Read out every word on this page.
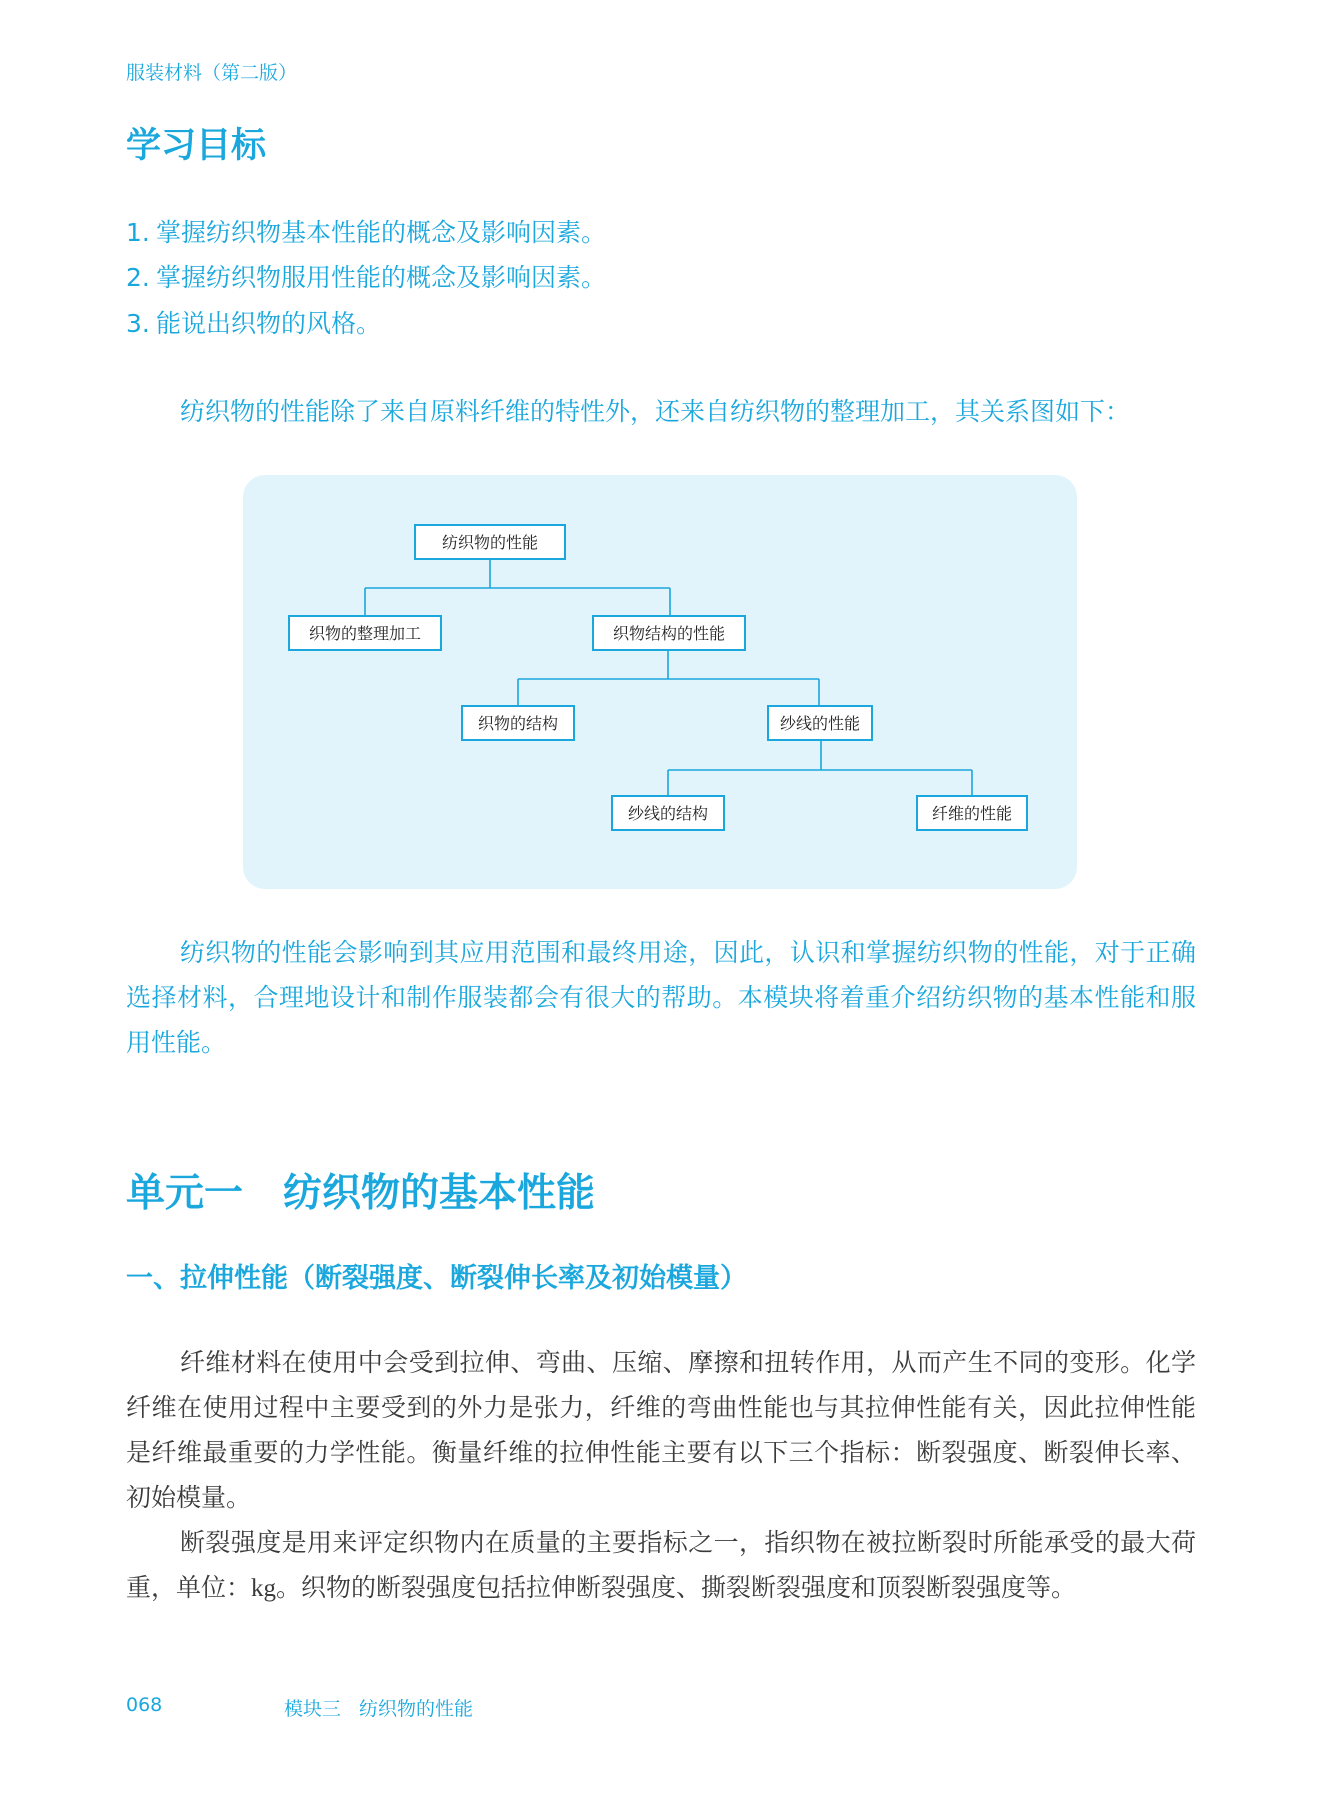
服装材料（第二版）
学习目标
1. 掌握纺织物基本性能的概念及影响因素。
2. 掌握纺织物服用性能的概念及影响因素。
3. 能说出织物的风格。
纺织物的性能除了来自原料纤维的特性外，还来自纺织物的整理加工，其关系图如下：
纺织物的性能
织物的整理加工	织物结构的性能
织物的结构	纱线的性能
纱线的结构	纤维的性能
纺织物的性能会影响到其应用范围和最终用途，因此，认识和掌握纺织物的性能，对于正确选择材料，合理地设计和制作服装都会有很大的帮助。本模块将着重介绍纺织物的基本性能和服用性能。
单元一 纺织物的基本性能
一、拉伸性能（断裂强度、断裂伸长率及初始模量）
纤维材料在使用中会受到拉伸、弯曲、压缩、摩擦和扭转作用，从而产生不同的变形。化学纤维在使用过程中主要受到的外力是张力，纤维的弯曲性能也与其拉伸性能有关，因此拉伸性能是纤维最重要的力学性能。衡量纤维的拉伸性能主要有以下三个指标：断裂强度、断裂伸长率、初始模量。
断裂强度是用来评定织物内在质量的主要指标之一，指织物在被拉断裂时所能承受的最大荷重，单位：kg。织物的断裂强度包括拉伸断裂强度、撕裂断裂强度和顶裂断裂强度等。
068	模块三 纺织物的性能
